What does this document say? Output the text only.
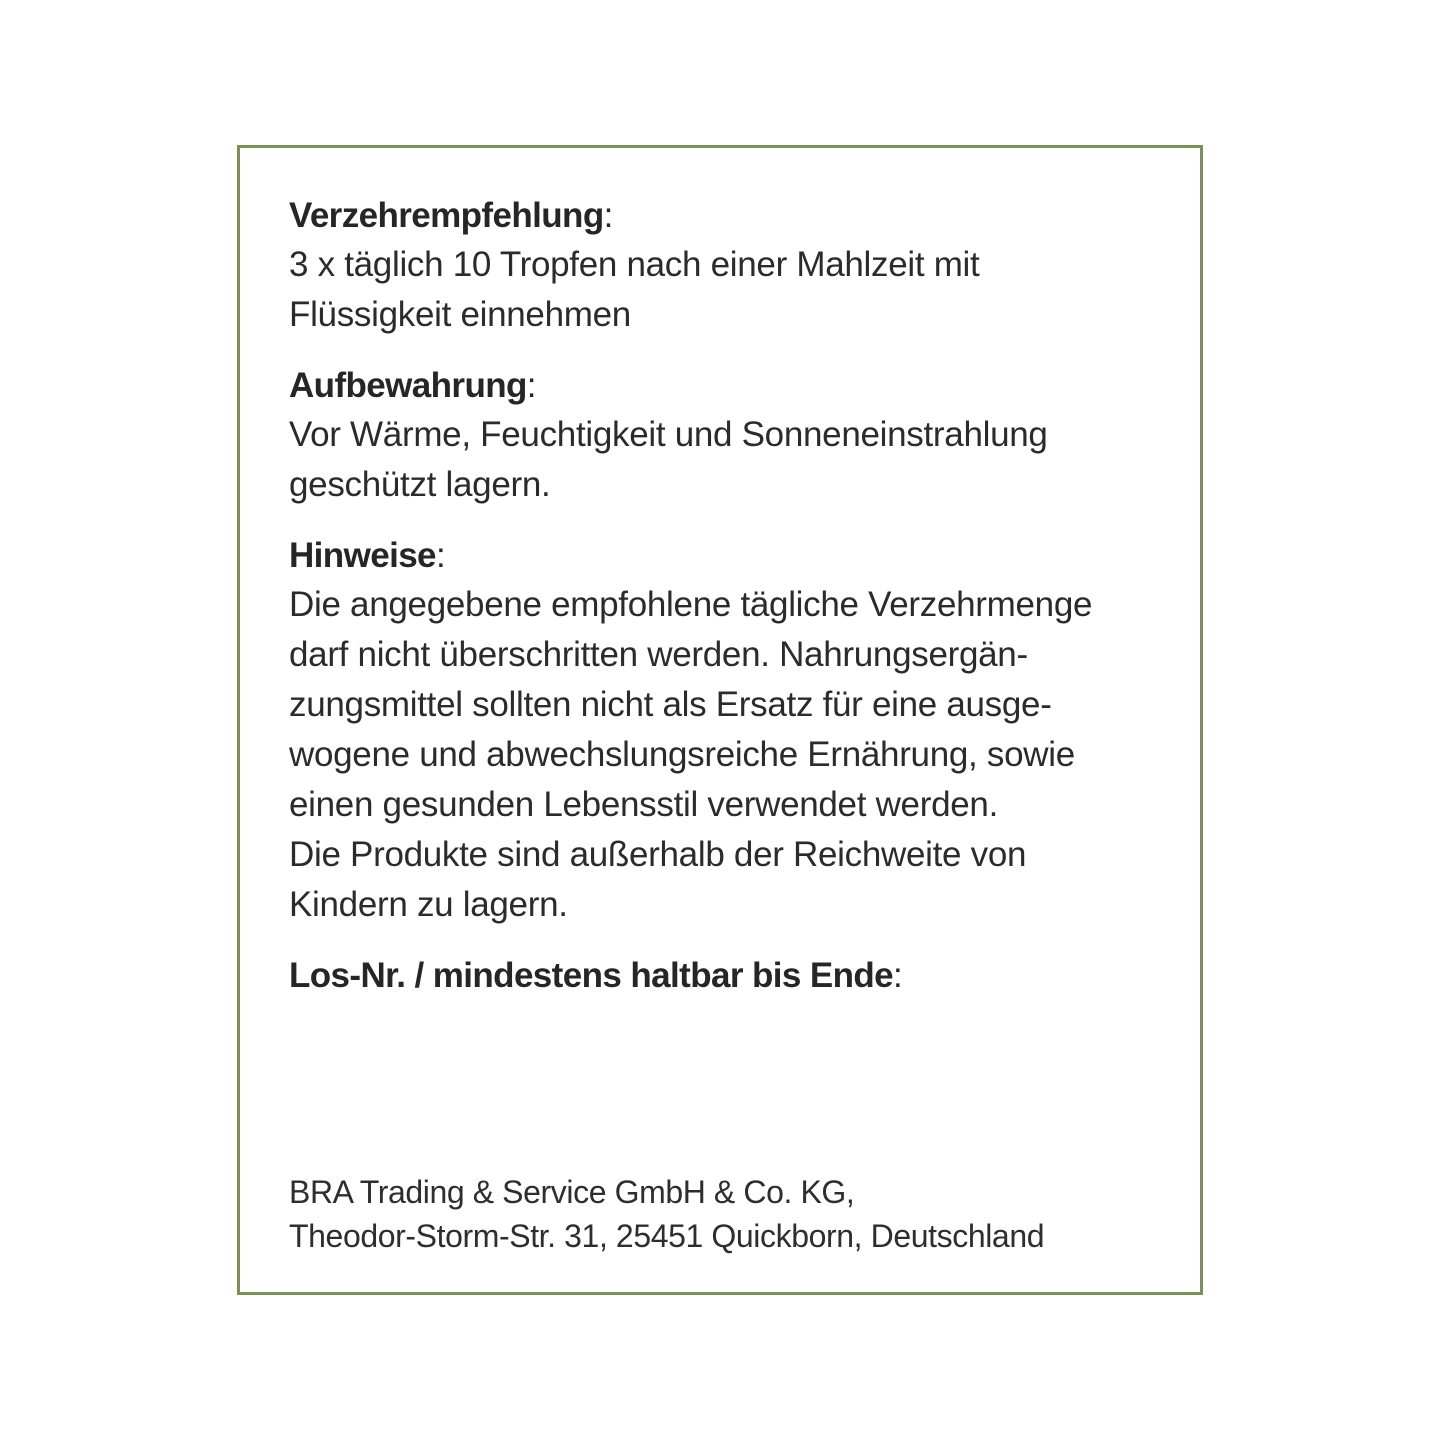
Verzehrempfehlung:

3 x täglich 10 Tropfen nach einer Mahlzeit mit

Flüssigkeit einnehmen

Aufbewahrung:

Vor Wärme, Feuchtigkeit und Sonneneinstrahlung

geschützt lagern.

Hinweise:

Die angegebene empfohlene tägliche Verzehrmenge

darf nicht überschritten werden. Nahrungsergän-

zungsmittel sollten nicht als Ersatz für eine ausge-

wogene und abwechslungsreiche Ernährung, sowie

einen gesunden Lebensstil verwendet werden.

Die Produkte sind außerhalb der Reichweite von

Kindern zu lagern.

Los-Nr. / mindestens haltbar bis Ende:

BRA Trading & Service GmbH & Co. KG,

Theodor-Storm-Str. 31, 25451 Quickborn, Deutschland
